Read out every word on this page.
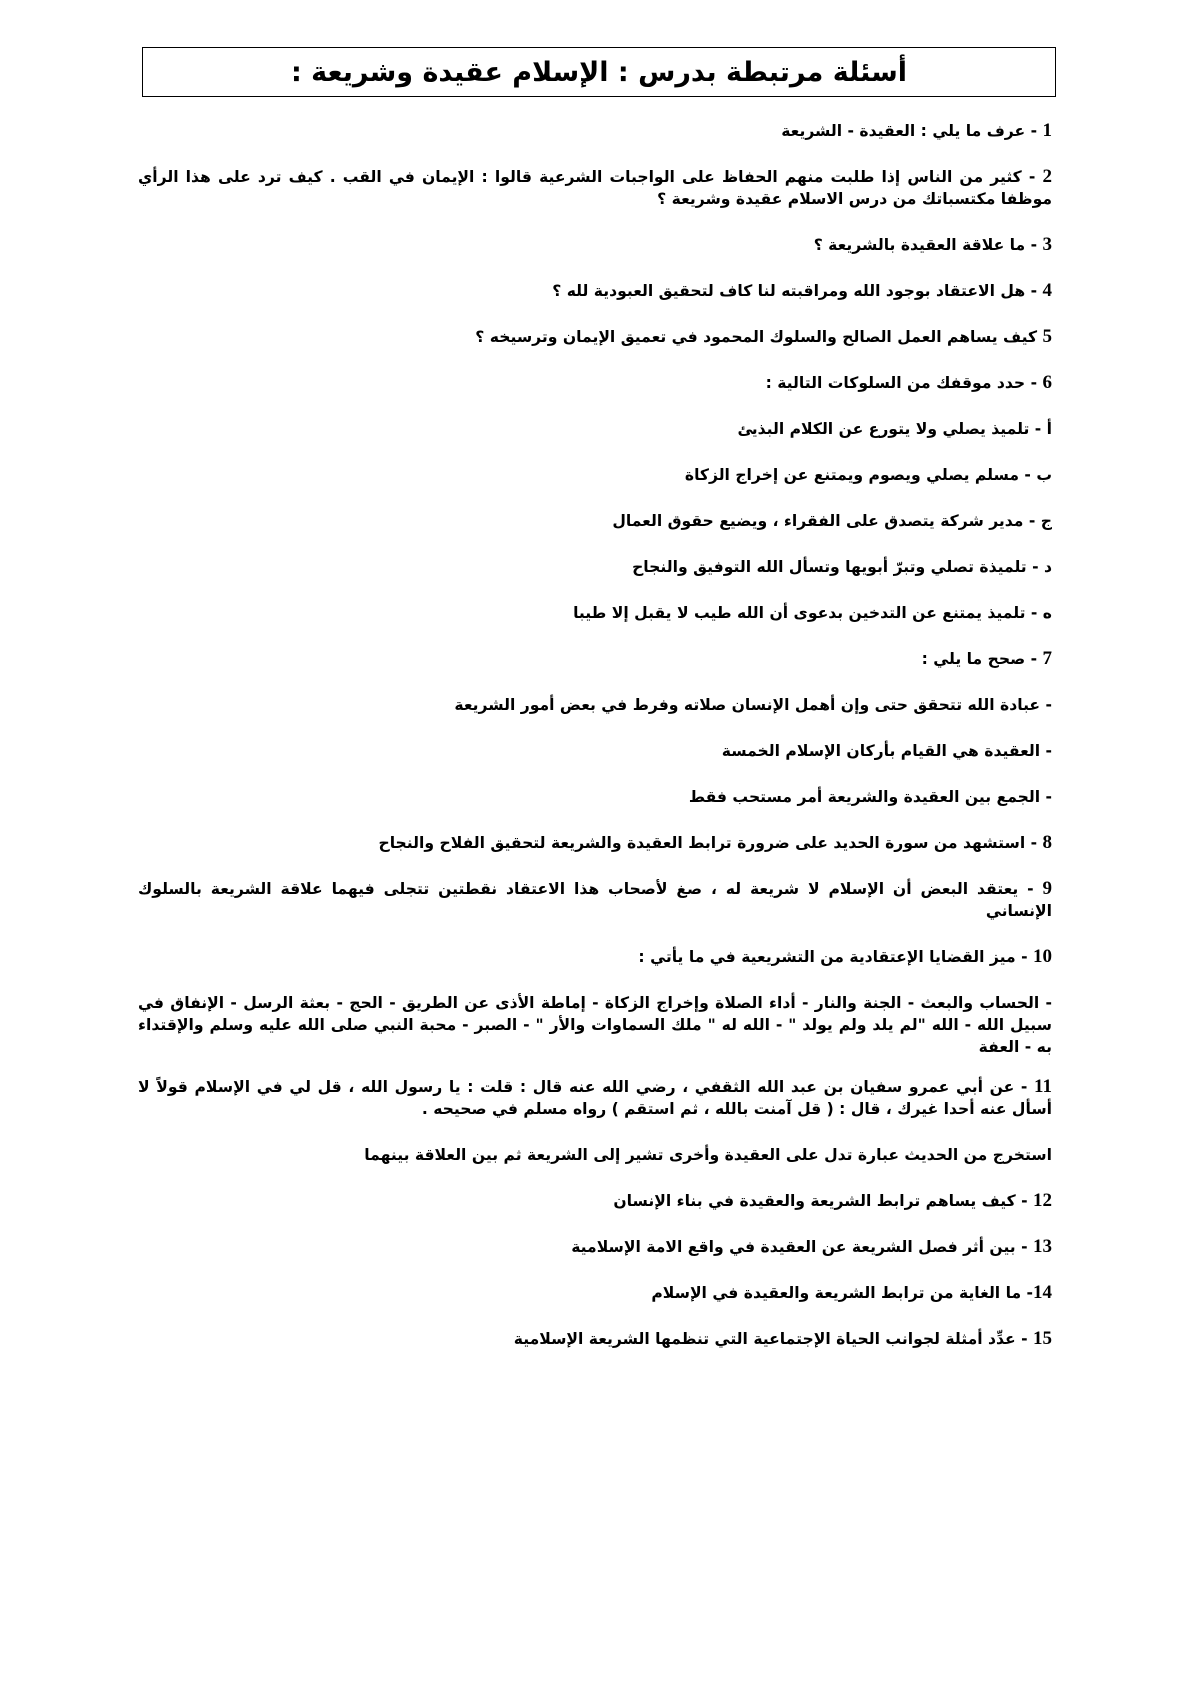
أسئلة مرتبطة بدرس : الإسلام عقيدة وشريعة :

1 - عرف ما يلي : العقيدة - الشريعة

2 - كثير من الناس إذا طلبت منهم الحفاظ على الواجبات الشرعية قالوا : الإيمان في القب . كيف ترد على هذا الرأي موظفا مكتسباتك من درس الاسلام عقيدة وشريعة ؟

3 - ما علاقة العقيدة بالشريعة ؟

4 - هل الاعتقاد بوجود الله ومراقبته لنا كاف لتحقيق العبودية لله ؟

5 كيف يساهم العمل الصالح والسلوك المحمود في تعميق الإيمان وترسيخه ؟

6 - حدد موقفك من السلوكات التالية :

أ - تلميذ يصلي ولا يتورع عن الكلام البذيئ

ب - مسلم يصلي ويصوم ويمتنع عن إخراج الزكاة

ج - مدير شركة يتصدق على الفقراء ، ويضيع حقوق العمال

د - تلميذة تصلي وتبرّ أبويها وتسأل الله التوفيق والنجاح

ه - تلميذ يمتنع عن التدخين بدعوى أن الله طيب لا يقبل إلا طيبا

7 - صحح ما يلي :

- عبادة الله تتحقق حتى وإن أهمل الإنسان صلاته وفرط في بعض أمور الشريعة

- العقيدة هي القيام بأركان الإسلام الخمسة

- الجمع بين العقيدة والشريعة أمر مستحب فقط

8 - استشهد من سورة الحديد على ضرورة ترابط العقيدة والشريعة لتحقيق الفلاح والنجاح

9 - يعتقد البعض أن الإسلام لا شريعة له ، صغ لأصحاب هذا الاعتقاد نقطتين تتجلى فيهما علاقة الشريعة بالسلوك الإنساني

10 - ميز القضايا الإعتقادية من التشريعية في ما يأتي :

- الحساب والبعث - الجنة والنار - أداء الصلاة وإخراج الزكاة - إماطة الأذى عن الطريق - الحج - بعثة الرسل - الإنفاق في سبيل الله - الله "لم يلد ولم يولد " - الله له " ملك السماوات والأر " - الصبر - محبة النبي صلى الله عليه وسلم والإقتداء به - العفة

11 - عن أبي عمرو سفيان بن عبد الله الثقفي ، رضي الله عنه قال : قلت : يا رسول الله ، قل لي في الإسلام قولاً لا أسأل عنه أحدا غيرك ، قال : ( قل آمنت بالله ، ثم استقم ) رواه مسلم في صحيحه .

استخرج من الحديث عبارة تدل على العقيدة وأخرى تشير إلى الشريعة ثم بين العلاقة بينهما

12 - كيف يساهم ترابط الشريعة والعقيدة في بناء الإنسان

13 - بين أثر فصل الشريعة عن العقيدة في واقع الامة الإسلامية

14- ما الغاية من ترابط الشريعة والعقيدة في الإسلام

15 - عدِّد أمثلة لجوانب الحياة الإجتماعية التي تنظمها الشريعة الإسلامية
